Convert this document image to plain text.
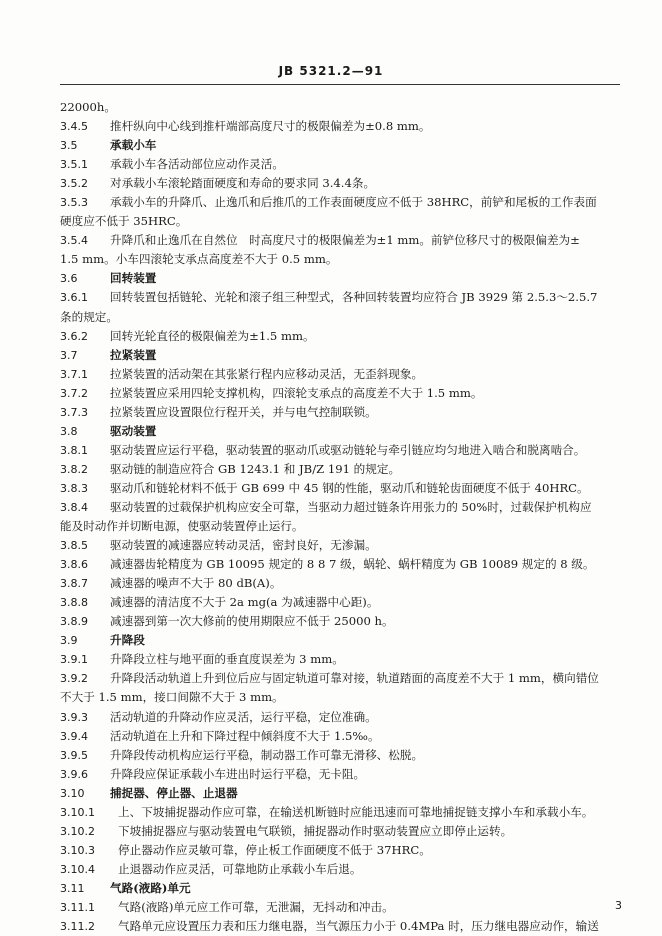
JB 5321.2—91
22000h。
3.4.5 推杆纵向中心线到推杆端部高度尺寸的极限偏差为±0.8 mm。
3.5	承载小车
3.5.1 承载小车各活动部位应动作灵活。
3.5.2 对承载小车滚轮踏面硬度和寿命的要求同 3.4.4条。
3.5.3 承载小车的升降爪、止逸爪和后推爪的工作表面硬度应不低于 38HRC，前铲和尾板的工作表面
硬度应不低于 35HRC。
3.5.4 升降爪和止逸爪在自然位　时高度尺寸的极限偏差为±1 mm。前铲位移尺寸的极限偏差为±
1.5 mm。小车四滚轮支承点高度差不大于 0.5 mm。
3.6	回转装置
3.6.1 回转装置包括链轮、光轮和滚子组三种型式，各种回转装置均应符合 JB 3929 第 2.5.3～2.5.7
条的规定。
3.6.2 回转光轮直径的极限偏差为±1.5 mm。
3.7	拉紧装置
3.7.1 拉紧装置的活动架在其张紧行程内应移动灵活，无歪斜现象。
3.7.2 拉紧装置应采用四轮支撑机构，四滚轮支承点的高度差不大于 1.5 mm。
3.7.3 拉紧装置应设置限位行程开关，并与电气控制联锁。
3.8	驱动装置
3.8.1 驱动装置应运行平稳，驱动装置的驱动爪或驱动链轮与牵引链应均匀地进入啮合和脱离啮合。
3.8.2 驱动链的制造应符合 GB 1243.1 和 JB/Z 191 的规定。
3.8.3 驱动爪和链轮材料不低于 GB 699 中 45 钢的性能，驱动爪和链轮齿面硬度不低于 40HRC。
3.8.4 驱动装置的过载保护机构应安全可靠，当驱动力超过链条许用张力的 50%时，过载保护机构应
能及时动作并切断电源，使驱动装置停止运行。
3.8.5 驱动装置的减速器应转动灵活，密封良好，无渗漏。
3.8.6 减速器齿轮精度为 GB 10095 规定的 8 8 7 级，蜗轮、蜗杆精度为 GB 10089 规定的 8 级。
3.8.7 减速器的噪声不大于 80 dB(A)。
3.8.8 减速器的清洁度不大于 2a mg(a 为减速器中心距)。
3.8.9 减速器到第一次大修前的使用期限应不低于 25000 h。
3.9	升降段
3.9.1 升降段立柱与地平面的垂直度误差为 3 mm。
3.9.2 升降段活动轨道上升到位后应与固定轨道可靠对接，轨道踏面的高度差不大于 1 mm，横向错位
不大于 1.5 mm，接口间隙不大于 3 mm。
3.9.3 活动轨道的升降动作应灵活，运行平稳，定位准确。
3.9.4 活动轨道在上升和下降过程中倾斜度不大于 1.5‰。
3.9.5 升降段传动机构应运行平稳，制动器工作可靠无滑移、松脱。
3.9.6 升降段应保证承载小车进出时运行平稳，无卡阻。
3.10 捕捉器、停止器、止退器
3.10.1 上、下坡捕捉器动作应可靠，在输送机断链时应能迅速而可靠地捕捉链支撑小车和承载小车。
3.10.2 下坡捕捉器应与驱动装置电气联锁，捕捉器动作时驱动装置应立即停止运转。
3.10.3 停止器动作应灵敏可靠，停止板工作面硬度不低于 37HRC。
3.10.4 止退器动作应灵活，可靠地防止承载小车后退。
3.11 气路(液路)单元
3.11.1 气路(液路)单元应工作可靠，无泄漏，无抖动和冲击。
3.11.2 气路单元应设置压力表和压力继电器，当气源压力小于 0.4MPa 时，压力继电器应动作，输送
3
